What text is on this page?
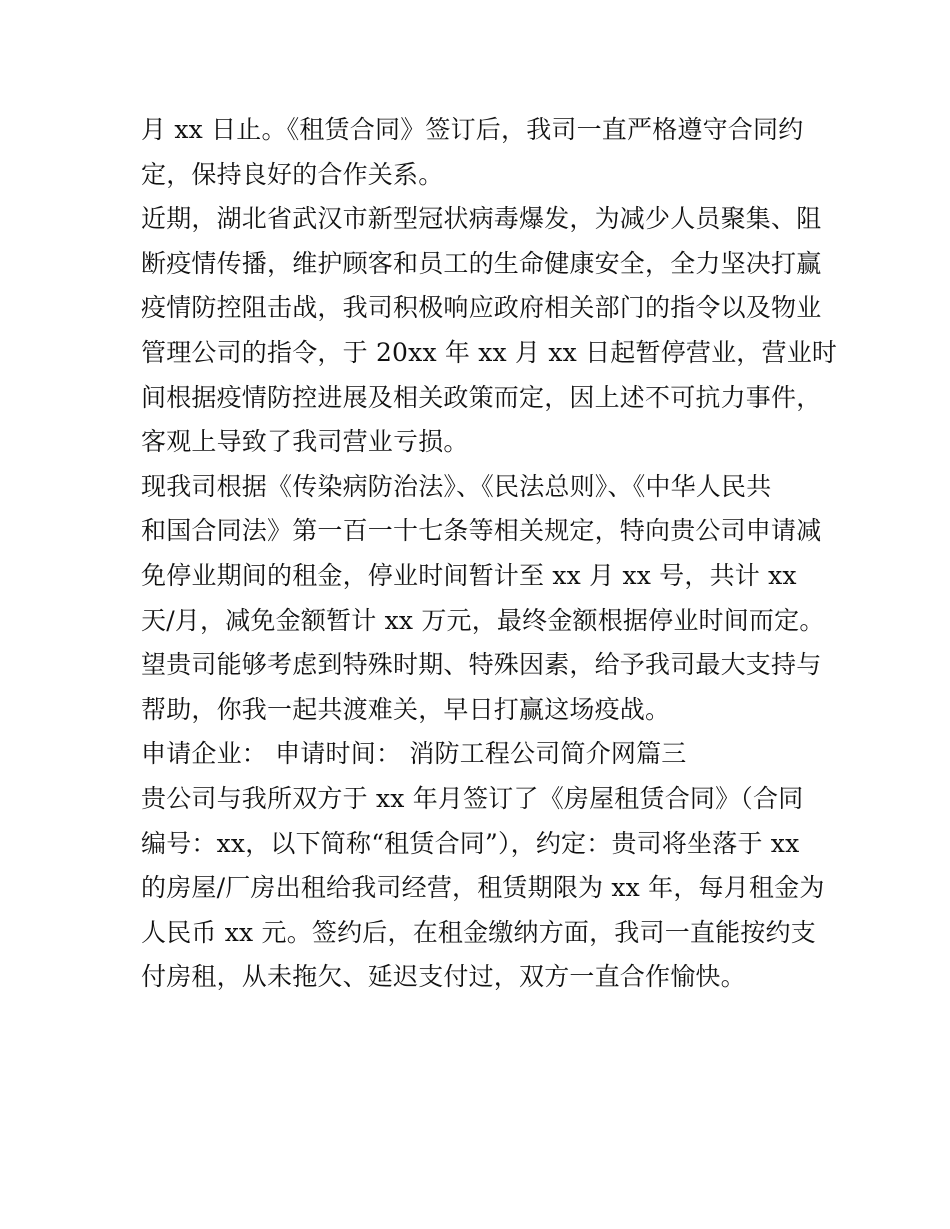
月 xx 日止。《租赁合同》签订后，我司一直严格遵守合同约
定，保持良好的合作关系。
近期，湖北省武汉市新型冠状病毒爆发，为减少人员聚集、阻
断疫情传播，维护顾客和员工的生命健康安全，全力坚决打赢
疫情防控阻击战，我司积极响应政府相关部门的指令以及物业
管理公司的指令，于 20xx 年 xx 月 xx 日起暂停营业，营业时
间根据疫情防控进展及相关政策而定，因上述不可抗力事件，
客观上导致了我司营业亏损。
现我司根据《传染病防治法》、《民法总则》、《中华人民共
和国合同法》第一百一十七条等相关规定，特向贵公司申请减
免停业期间的租金，停业时间暂计至 xx 月 xx 号，共计 xx
天/月，减免金额暂计 xx 万元，最终金额根据停业时间而定。
望贵司能够考虑到特殊时期、特殊因素，给予我司最大支持与
帮助，你我一起共渡难关，早日打赢这场疫战。
申请企业： 申请时间： 消防工程公司简介网篇三
贵公司与我所双方于 xx 年月签订了《房屋租赁合同》（合同
编号：xx，以下简称“租赁合同”），约定：贵司将坐落于 xx
的房屋/厂房出租给我司经营，租赁期限为 xx 年，每月租金为
人民币 xx 元。签约后，在租金缴纳方面，我司一直能按约支
付房租，从未拖欠、延迟支付过，双方一直合作愉快。
